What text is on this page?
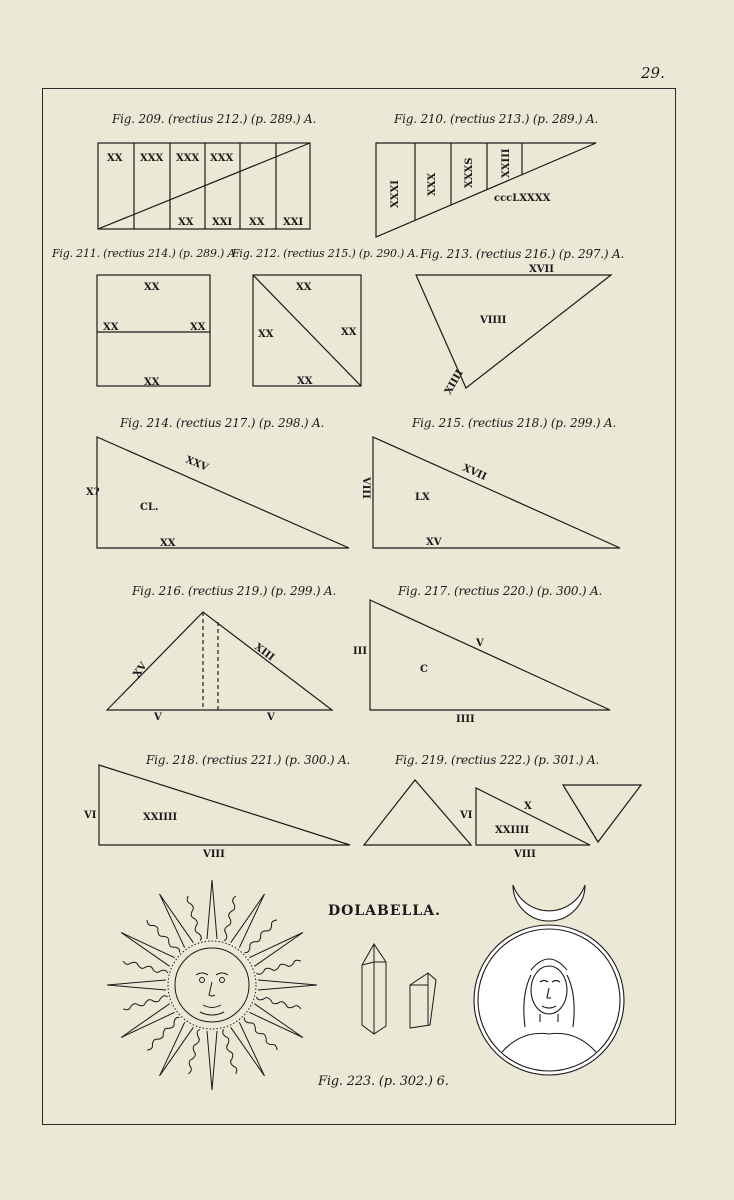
29.
Fig. 209. (rectius 212.) (p. 289.) A.	Fig. 210. (rectius 213.) (p. 289.) A.
Fig. 211. (rectius 214.) (p. 289.) A.
Fig. 212. (rectius 215.) (p. 290.) A. Fig. 213. (rectius 216.) (p. 297.) A.
Fig. 214. (rectius 217.) (p. 298.) A.	Fig. 215. (rectius 218.) (p. 299.) A.
Fig. 216. (rectius 219.) (p. 299.) A.	Fig. 217. (rectius 220.) (p. 300.) A.
Fig. 218. (rectius 221.) (p. 300.) A.	Fig. 219. (rectius 222.) (p. 301.) A.
Fig. 223. (p. 302.) 6.
DOLABELLA.
XX XXX XXX XXX
XX XXI XX XXI
XXXI	XXX	XXXS	XXIII
cccLXXXX
XX
XX	XX
XX
XX
XX	XX
XX
XVII
VIIII
XIIII
XXV
X?
CL.
XX
XVII
VIII	LX
XV
XV
XIII
V	V
V
III
C
IIII
VI	XXIIII
VIII
VI
X
XXIIII
VIII
